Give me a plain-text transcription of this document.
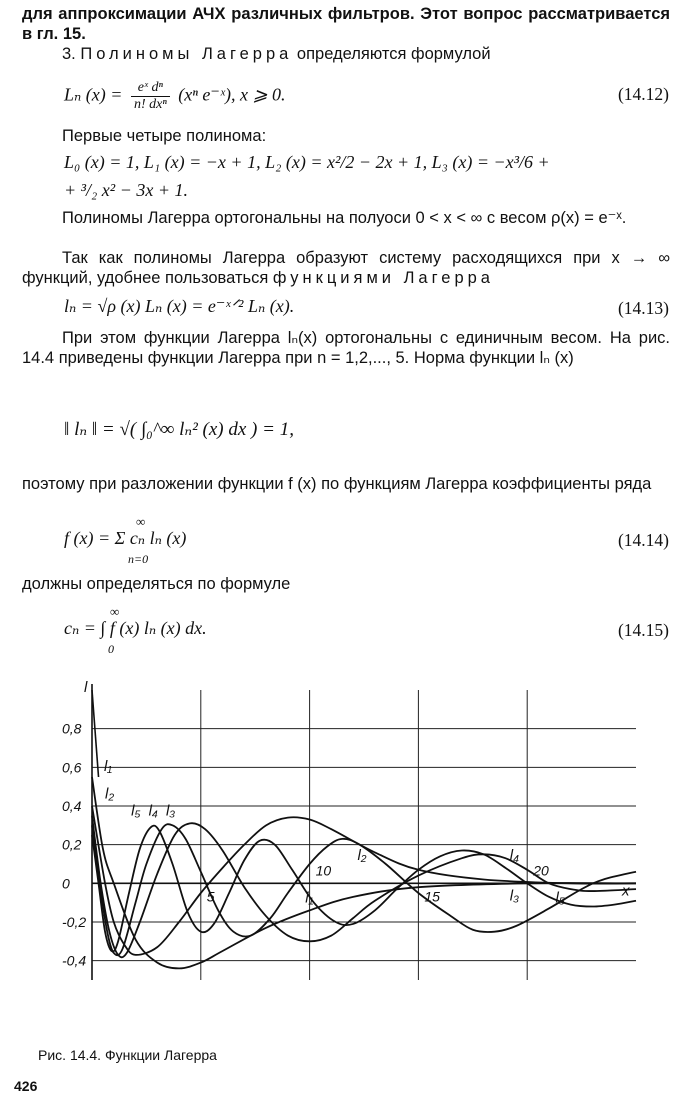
для аппроксимации АЧХ различных фильтров. Этот вопрос рассматривается в гл. 15.

3. Полиномы Лагерра определяются формулой

Lₙ (x) =	eˣ dⁿ
n! dxⁿ (xⁿ e⁻ˣ), x ⩾ 0.	(14.12)

Первые четыре полинома:

L₀ (x) = 1, L₁ (x) = −x + 1, L₂ (x) = x²/2 − 2x + 1, L₃ (x) = −x³/6 +
+ ³/₂ x² − 3x + 1.

Полиномы Лагерра ортогональны на полуоси 0 < x < ∞ с весом ρ(x) = e⁻ˣ.

Так как полиномы Лагерра образуют систему расходящихся при x → ∞ функций, удобнее пользоваться функциями Лагерра

lₙ = √ρ (x) Lₙ (x) = e⁻ˣᐟ² Lₙ (x).	(14.13)

При этом функции Лагерра lₙ(x) ортогональны с единичным весом. На рис. 14.4 приведены функции Лагерра при n = 1,2,..., 5. Норма функции lₙ (x)

‖ lₙ ‖ = √( ∫₀^∞ lₙ² (x) dx ) = 1,

поэтому при разложении функции f (x) по функциям Лагерра коэффициенты ряда

f (x) = Σ cₙ lₙ (x)
∞
n=0
(14.14)

должны определяться по формуле

cₙ = ∫ f (x) lₙ (x) dx.
∞
0
(14.15)
0,8
0,6
0,4
0,2
0
-0,2
-0,4
l
x
5
10
15
20
l₁
l₁
l₂
l₂
l₃
l₃
l₄
l₄
l₅
l₅
Рис. 14.4. Функции Лагерра
426
